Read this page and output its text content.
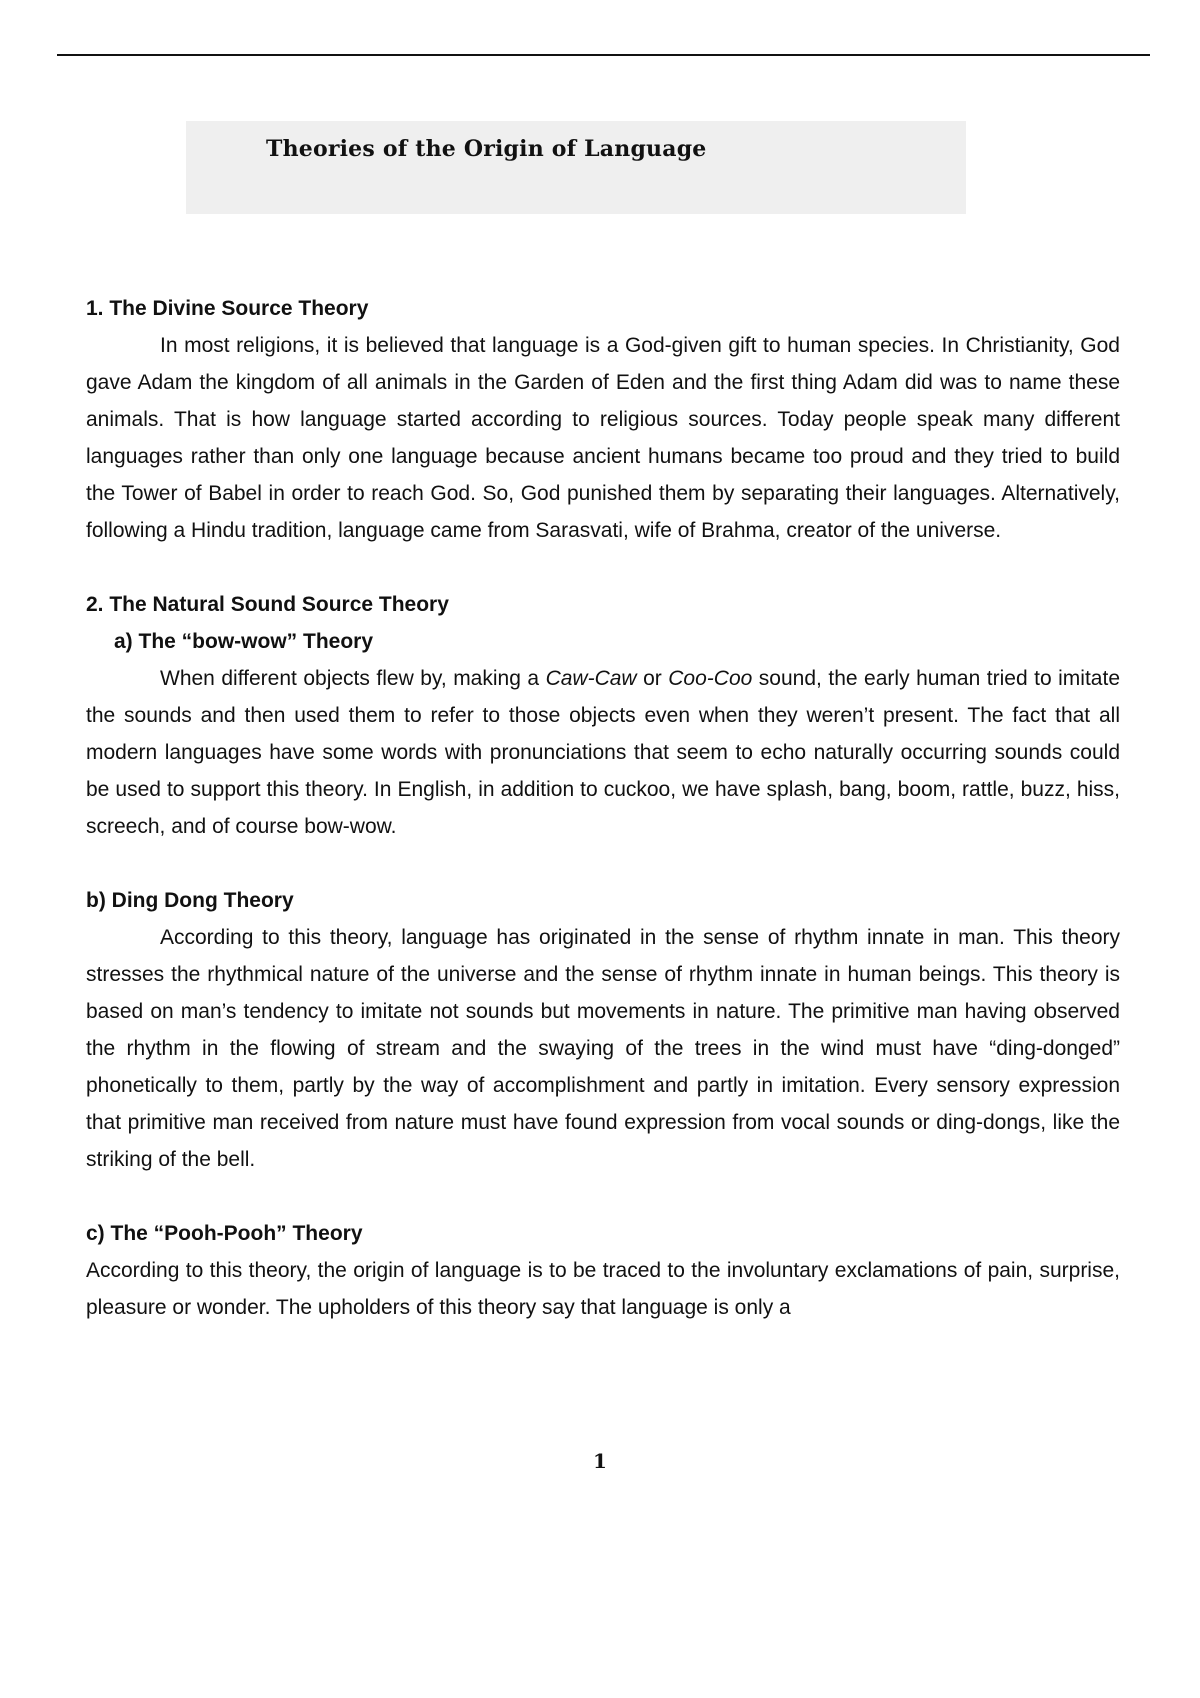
Theories of the Origin of Language

1. The Divine Source Theory

In most religions, it is believed that language is a God-given gift to human species. In Christianity, God gave Adam the kingdom of all animals in the Garden of Eden and the first thing Adam did was to name these animals. That is how language started according to religious sources. Today people speak many different languages rather than only one language because ancient humans became too proud and they tried to build the Tower of Babel in order to reach God. So, God punished them by separating their languages. Alternatively, following a Hindu tradition, language came from Sarasvati, wife of Brahma, creator of the universe.

2. The Natural Sound Source Theory

a) The “bow-wow” Theory

When different objects flew by, making a Caw-Caw or Coo-Coo sound, the early human tried to imitate the sounds and then used them to refer to those objects even when they weren’t present. The fact that all modern languages have some words with pronunciations that seem to echo naturally occurring sounds could be used to support this theory. In English, in addition to cuckoo, we have splash, bang, boom, rattle, buzz, hiss, screech, and of course bow-wow.

b) Ding Dong Theory

According to this theory, language has originated in the sense of rhythm innate in man. This theory stresses the rhythmical nature of the universe and the sense of rhythm innate in human beings. This theory is based on man’s tendency to imitate not sounds but movements in nature. The primitive man having observed the rhythm in the flowing of stream and the swaying of the trees in the wind must have “ding-donged” phonetically to them, partly by the way of accomplishment and partly in imitation. Every sensory expression that primitive man received from nature must have found expression from vocal sounds or ding-dongs, like the striking of the bell.

c) The “Pooh-Pooh” Theory

According to this theory, the origin of language is to be traced to the involuntary exclamations of pain, surprise, pleasure or wonder. The upholders of this theory say that language is only a

1
